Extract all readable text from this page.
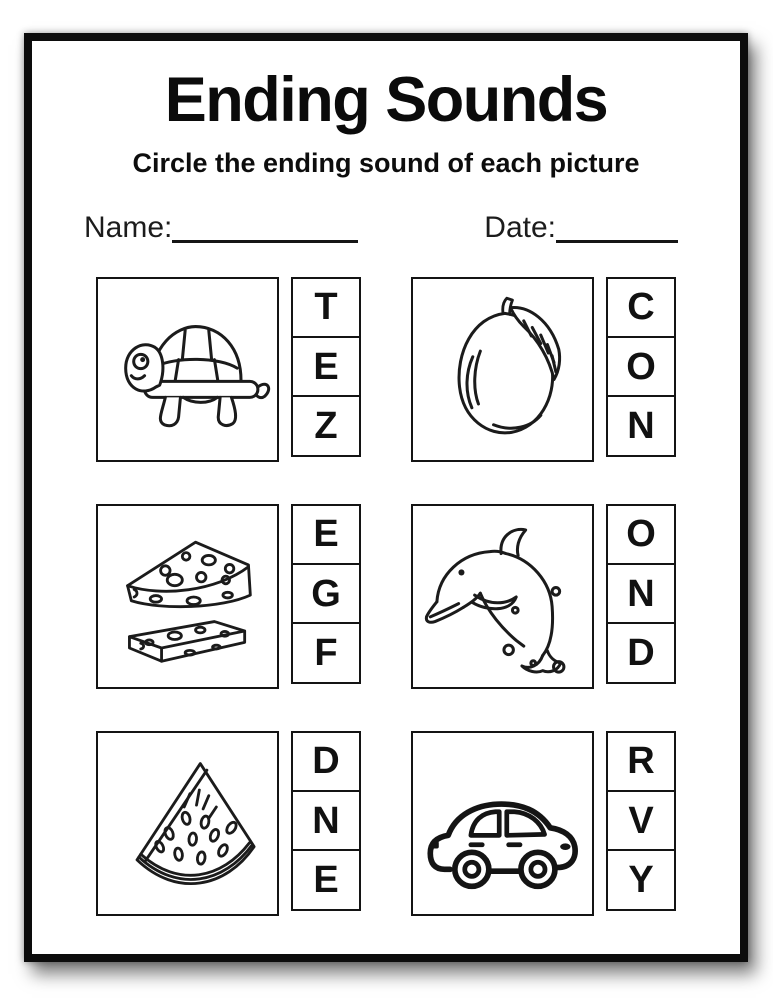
Ending Sounds
Circle the ending sound of each picture
Name:	Date:
T
E
Z
C
O
N
E
G
F
O
N
D
D
N
E
R
V
Y
